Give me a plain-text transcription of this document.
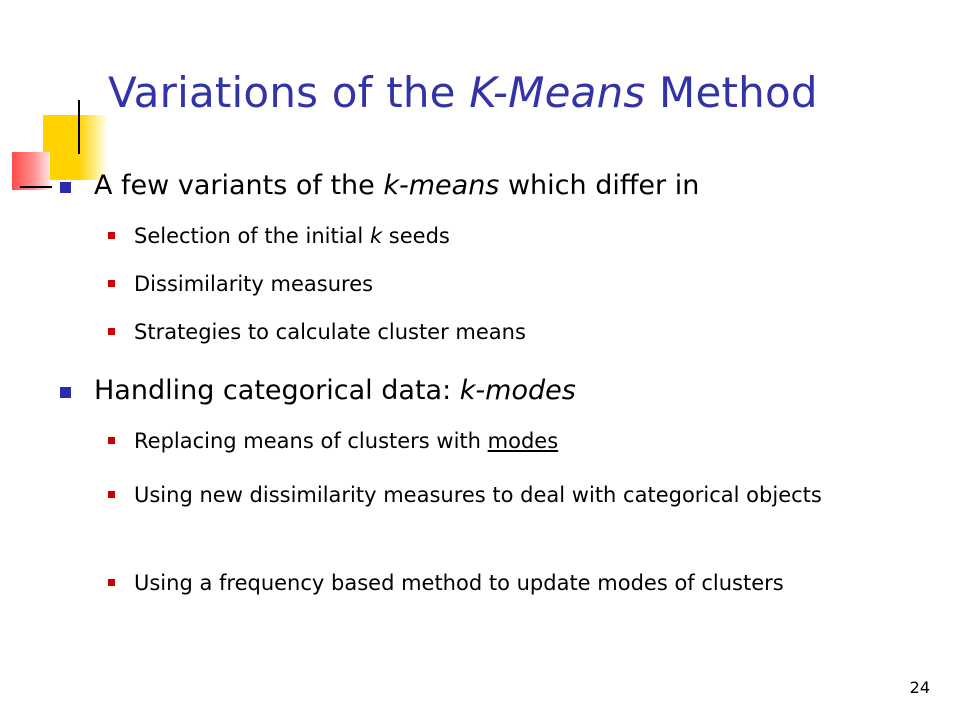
Variations of the K-Means Method
A few variants of the k-means which differ in
Selection of the initial k seeds
Dissimilarity measures
Strategies to calculate cluster means
Handling categorical data: k-modes
Replacing means of clusters with modes
Using new dissimilarity measures to deal with categorical objects
Using a frequency based method to update modes of clusters
24
